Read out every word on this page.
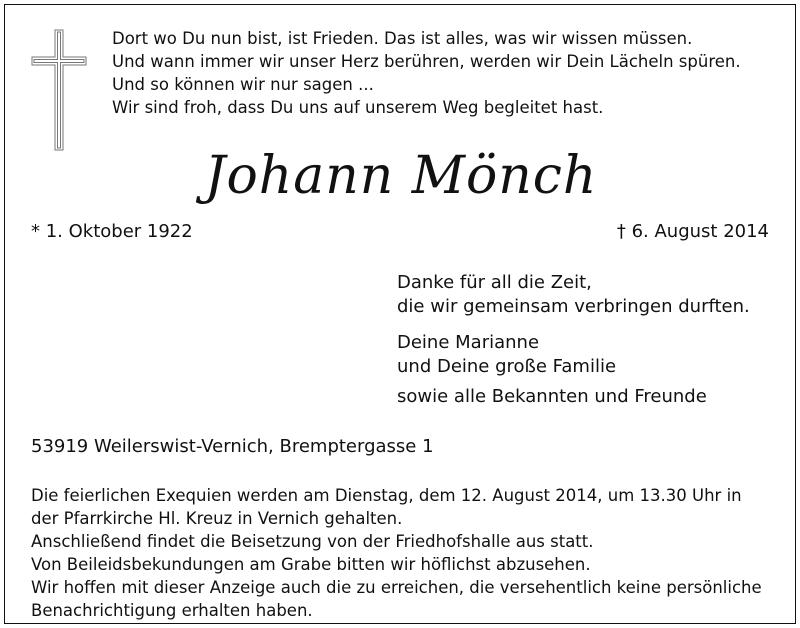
Dort wo Du nun bist, ist Frieden. Das ist alles, was wir wissen müssen.
Und wann immer wir unser Herz berühren, werden wir Dein Lächeln spüren.
Und so können wir nur sagen ...
Wir sind froh, dass Du uns auf unserem Weg begleitet hast.
Johann Mönch
* 1. Oktober 1922	† 6. August 2014
Danke für all die Zeit,
die wir gemeinsam verbringen durften.
Deine Marianne
und Deine große Familie
sowie alle Bekannten und Freunde
53919 Weilerswist-Vernich, Bremptergasse 1
Die feierlichen Exequien werden am Dienstag, dem 12. August 2014, um 13.30 Uhr in
der Pfarrkirche Hl. Kreuz in Vernich gehalten.
Anschließend findet die Beisetzung von der Friedhofshalle aus statt.
Von Beileidsbekundungen am Grabe bitten wir höflichst abzusehen.
Wir hoffen mit dieser Anzeige auch die zu erreichen, die versehentlich keine persönliche
Benachrichtigung erhalten haben.
